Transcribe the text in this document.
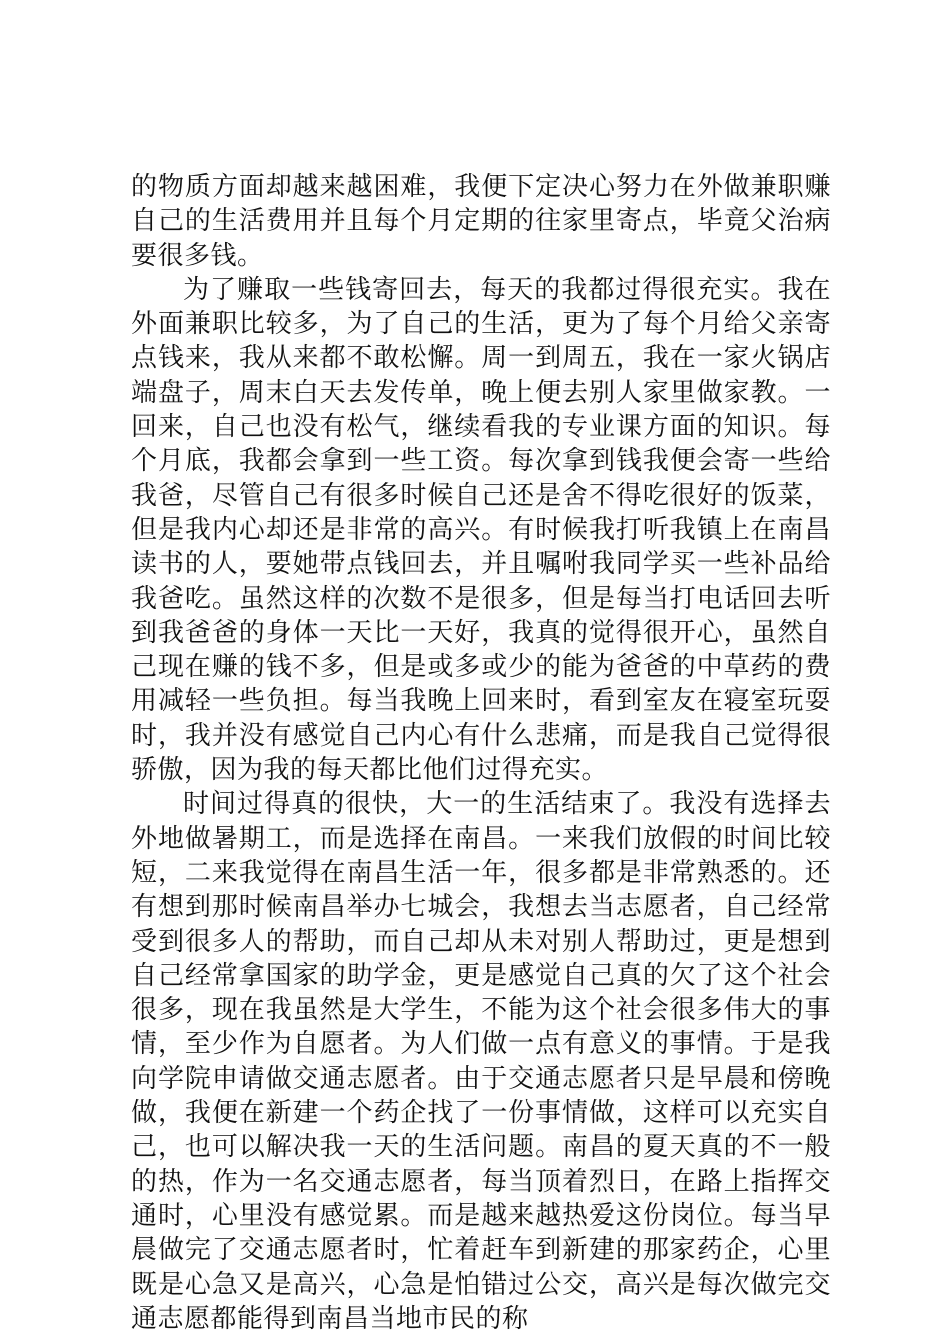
的物质方面却越来越困难，我便下定决心努力在外做兼职赚自己的生活费用并且每个月定期的往家里寄点，毕竟父治病要很多钱。

为了赚取一些钱寄回去，每天的我都过得很充实。我在外面兼职比较多，为了自己的生活，更为了每个月给父亲寄点钱来，我从来都不敢松懈。周一到周五，我在一家火锅店端盘子，周末白天去发传单，晚上便去别人家里做家教。一回来，自己也没有松气，继续看我的专业课方面的知识。每个月底，我都会拿到一些工资。每次拿到钱我便会寄一些给我爸，尽管自己有很多时候自己还是舍不得吃很好的饭菜，但是我内心却还是非常的高兴。有时候我打听我镇上在南昌读书的人，要她带点钱回去，并且嘱咐我同学买一些补品给我爸吃。虽然这样的次数不是很多，但是每当打电话回去听到我爸爸的身体一天比一天好，我真的觉得很开心，虽然自己现在赚的钱不多，但是或多或少的能为爸爸的中草药的费用减轻一些负担。每当我晚上回来时，看到室友在寝室玩耍时，我并没有感觉自己内心有什么悲痛，而是我自己觉得很骄傲，因为我的每天都比他们过得充实。

时间过得真的很快，大一的生活结束了。我没有选择去外地做暑期工，而是选择在南昌。一来我们放假的时间比较短，二来我觉得在南昌生活一年，很多都是非常熟悉的。还有想到那时候南昌举办七城会，我想去当志愿者，自己经常受到很多人的帮助，而自己却从未对别人帮助过，更是想到自己经常拿国家的助学金，更是感觉自己真的欠了这个社会很多，现在我虽然是大学生，不能为这个社会很多伟大的事情，至少作为自愿者。为人们做一点有意义的事情。于是我向学院申请做交通志愿者。由于交通志愿者只是早晨和傍晚做，我便在新建一个药企找了一份事情做，这样可以充实自己，也可以解决我一天的生活问题。南昌的夏天真的不一般的热，作为一名交通志愿者，每当顶着烈日，在路上指挥交通时，心里没有感觉累。而是越来越热爱这份岗位。每当早晨做完了交通志愿者时，忙着赶车到新建的那家药企，心里既是心急又是高兴，心急是怕错过公交，高兴是每次做完交通志愿都能得到南昌当地市民的称
